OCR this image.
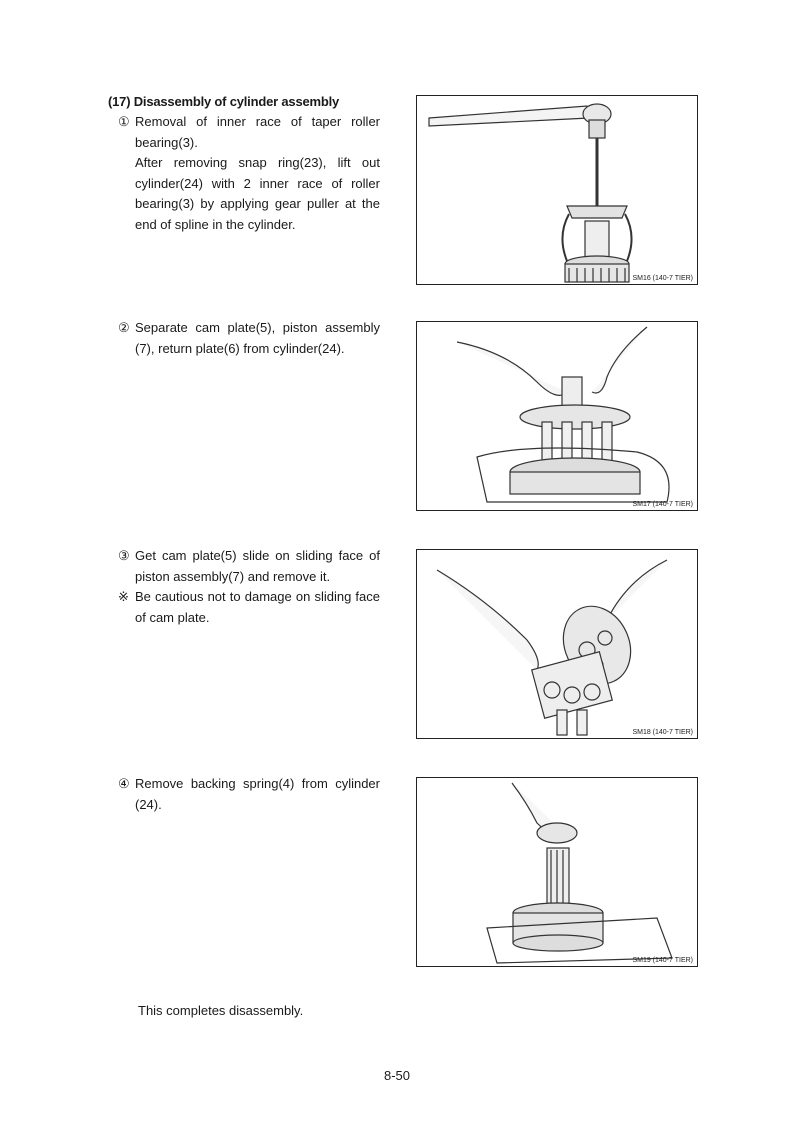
(17) Disassembly of cylinder assembly
① Removal of inner race of taper roller bearing(3).
After removing snap ring(23), lift out cylinder(24) with 2 inner race of roller bearing(3) by applying gear puller at the end of spline in the cylinder.
② Separate cam plate(5), piston assembly (7), return plate(6) from cylinder(24).
③ Get cam plate(5) slide on sliding face of piston assembly(7) and remove it.
※ Be cautious not to damage on sliding face of cam plate.
④ Remove backing spring(4) from cylinder (24).
SM16 (140-7 TIER)
SM17 (140-7 TIER)
SM18 (140-7 TIER)
SM19 (140-7 TIER)
This completes disassembly.
8-50
